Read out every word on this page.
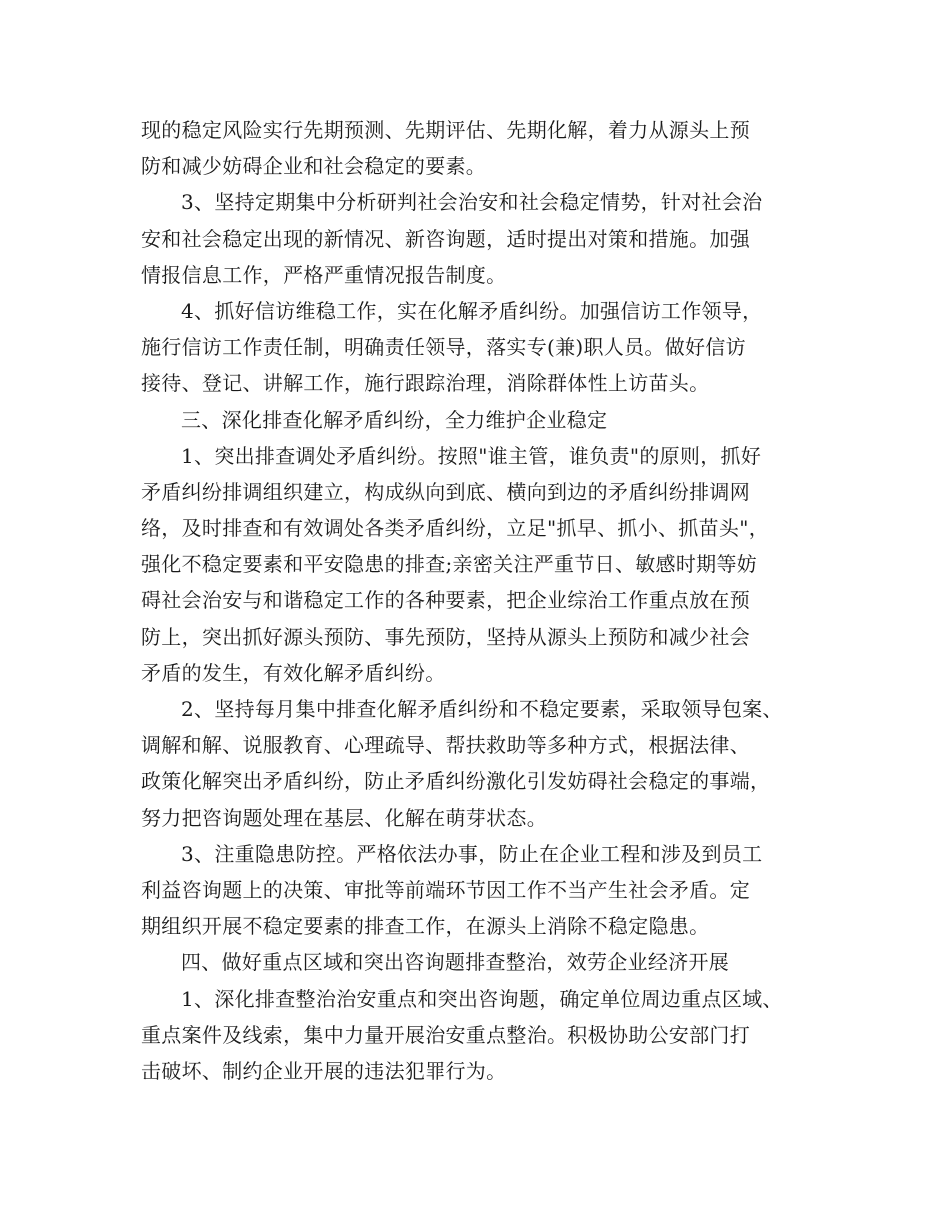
现的稳定风险实行先期预测、先期评估、先期化解，着力从源头上预
防和减少妨碍企业和社会稳定的要素。
3、坚持定期集中分析研判社会治安和社会稳定情势，针对社会治
安和社会稳定出现的新情况、新咨询题，适时提出对策和措施。加强
情报信息工作，严格严重情况报告制度。
4、抓好信访维稳工作，实在化解矛盾纠纷。加强信访工作领导，
施行信访工作责任制，明确责任领导，落实专(兼)职人员。做好信访
接待、登记、讲解工作，施行跟踪治理，消除群体性上访苗头。
三、深化排查化解矛盾纠纷，全力维护企业稳定
1、突出排查调处矛盾纠纷。按照"谁主管，谁负责"的原则，抓好
矛盾纠纷排调组织建立，构成纵向到底、横向到边的矛盾纠纷排调网
络，及时排查和有效调处各类矛盾纠纷，立足"抓早、抓小、抓苗头"，
强化不稳定要素和平安隐患的排查;亲密关注严重节日、敏感时期等妨
碍社会治安与和谐稳定工作的各种要素，把企业综治工作重点放在预
防上，突出抓好源头预防、事先预防，坚持从源头上预防和减少社会
矛盾的发生，有效化解矛盾纠纷。
2、坚持每月集中排查化解矛盾纠纷和不稳定要素，采取领导包案、
调解和解、说服教育、心理疏导、帮扶救助等多种方式，根据法律、
政策化解突出矛盾纠纷，防止矛盾纠纷激化引发妨碍社会稳定的事端，
努力把咨询题处理在基层、化解在萌芽状态。
3、注重隐患防控。严格依法办事，防止在企业工程和涉及到员工
利益咨询题上的决策、审批等前端环节因工作不当产生社会矛盾。定
期组织开展不稳定要素的排查工作，在源头上消除不稳定隐患。
四、做好重点区域和突出咨询题排查整治，效劳企业经济开展
1、深化排查整治治安重点和突出咨询题，确定单位周边重点区域、
重点案件及线索，集中力量开展治安重点整治。积极协助公安部门打
击破坏、制约企业开展的违法犯罪行为。
